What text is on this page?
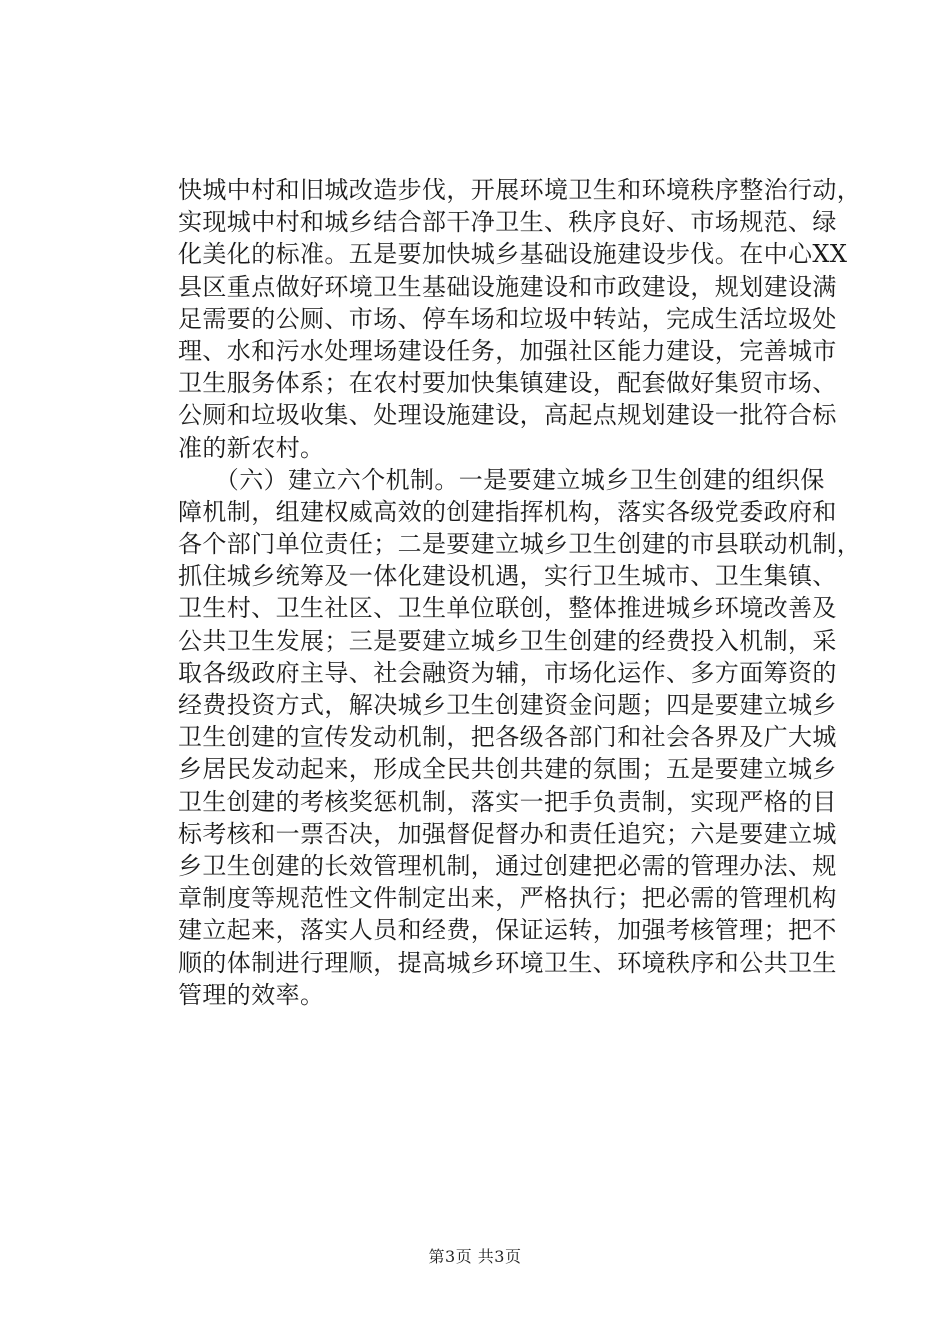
快城中村和旧城改造步伐，开展环境卫生和环境秩序整治行动，
实现城中村和城乡结合部干净卫生、秩序良好、市场规范、绿
化美化的标准。五是要加快城乡基础设施建设步伐。在中心XX
县区重点做好环境卫生基础设施建设和市政建设，规划建设满
足需要的公厕、市场、停车场和垃圾中转站，完成生活垃圾处
理、水和污水处理场建设任务，加强社区能力建设，完善城市
卫生服务体系；在农村要加快集镇建设，配套做好集贸市场、
公厕和垃圾收集、处理设施建设，高起点规划建设一批符合标
准的新农村。
　　（六）建立六个机制。一是要建立城乡卫生创建的组织保
障机制，组建权威高效的创建指挥机构，落实各级党委政府和
各个部门单位责任；二是要建立城乡卫生创建的市县联动机制，
抓住城乡统筹及一体化建设机遇，实行卫生城市、卫生集镇、
卫生村、卫生社区、卫生单位联创，整体推进城乡环境改善及
公共卫生发展；三是要建立城乡卫生创建的经费投入机制，采
取各级政府主导、社会融资为辅，市场化运作、多方面筹资的
经费投资方式，解决城乡卫生创建资金问题；四是要建立城乡
卫生创建的宣传发动机制，把各级各部门和社会各界及广大城
乡居民发动起来，形成全民共创共建的氛围；五是要建立城乡
卫生创建的考核奖惩机制，落实一把手负责制，实现严格的目
标考核和一票否决，加强督促督办和责任追究；六是要建立城
乡卫生创建的长效管理机制，通过创建把必需的管理办法、规
章制度等规范性文件制定出来，严格执行；把必需的管理机构
建立起来，落实人员和经费，保证运转，加强考核管理；把不
顺的体制进行理顺，提高城乡环境卫生、环境秩序和公共卫生
管理的效率。
第3页 共3页
